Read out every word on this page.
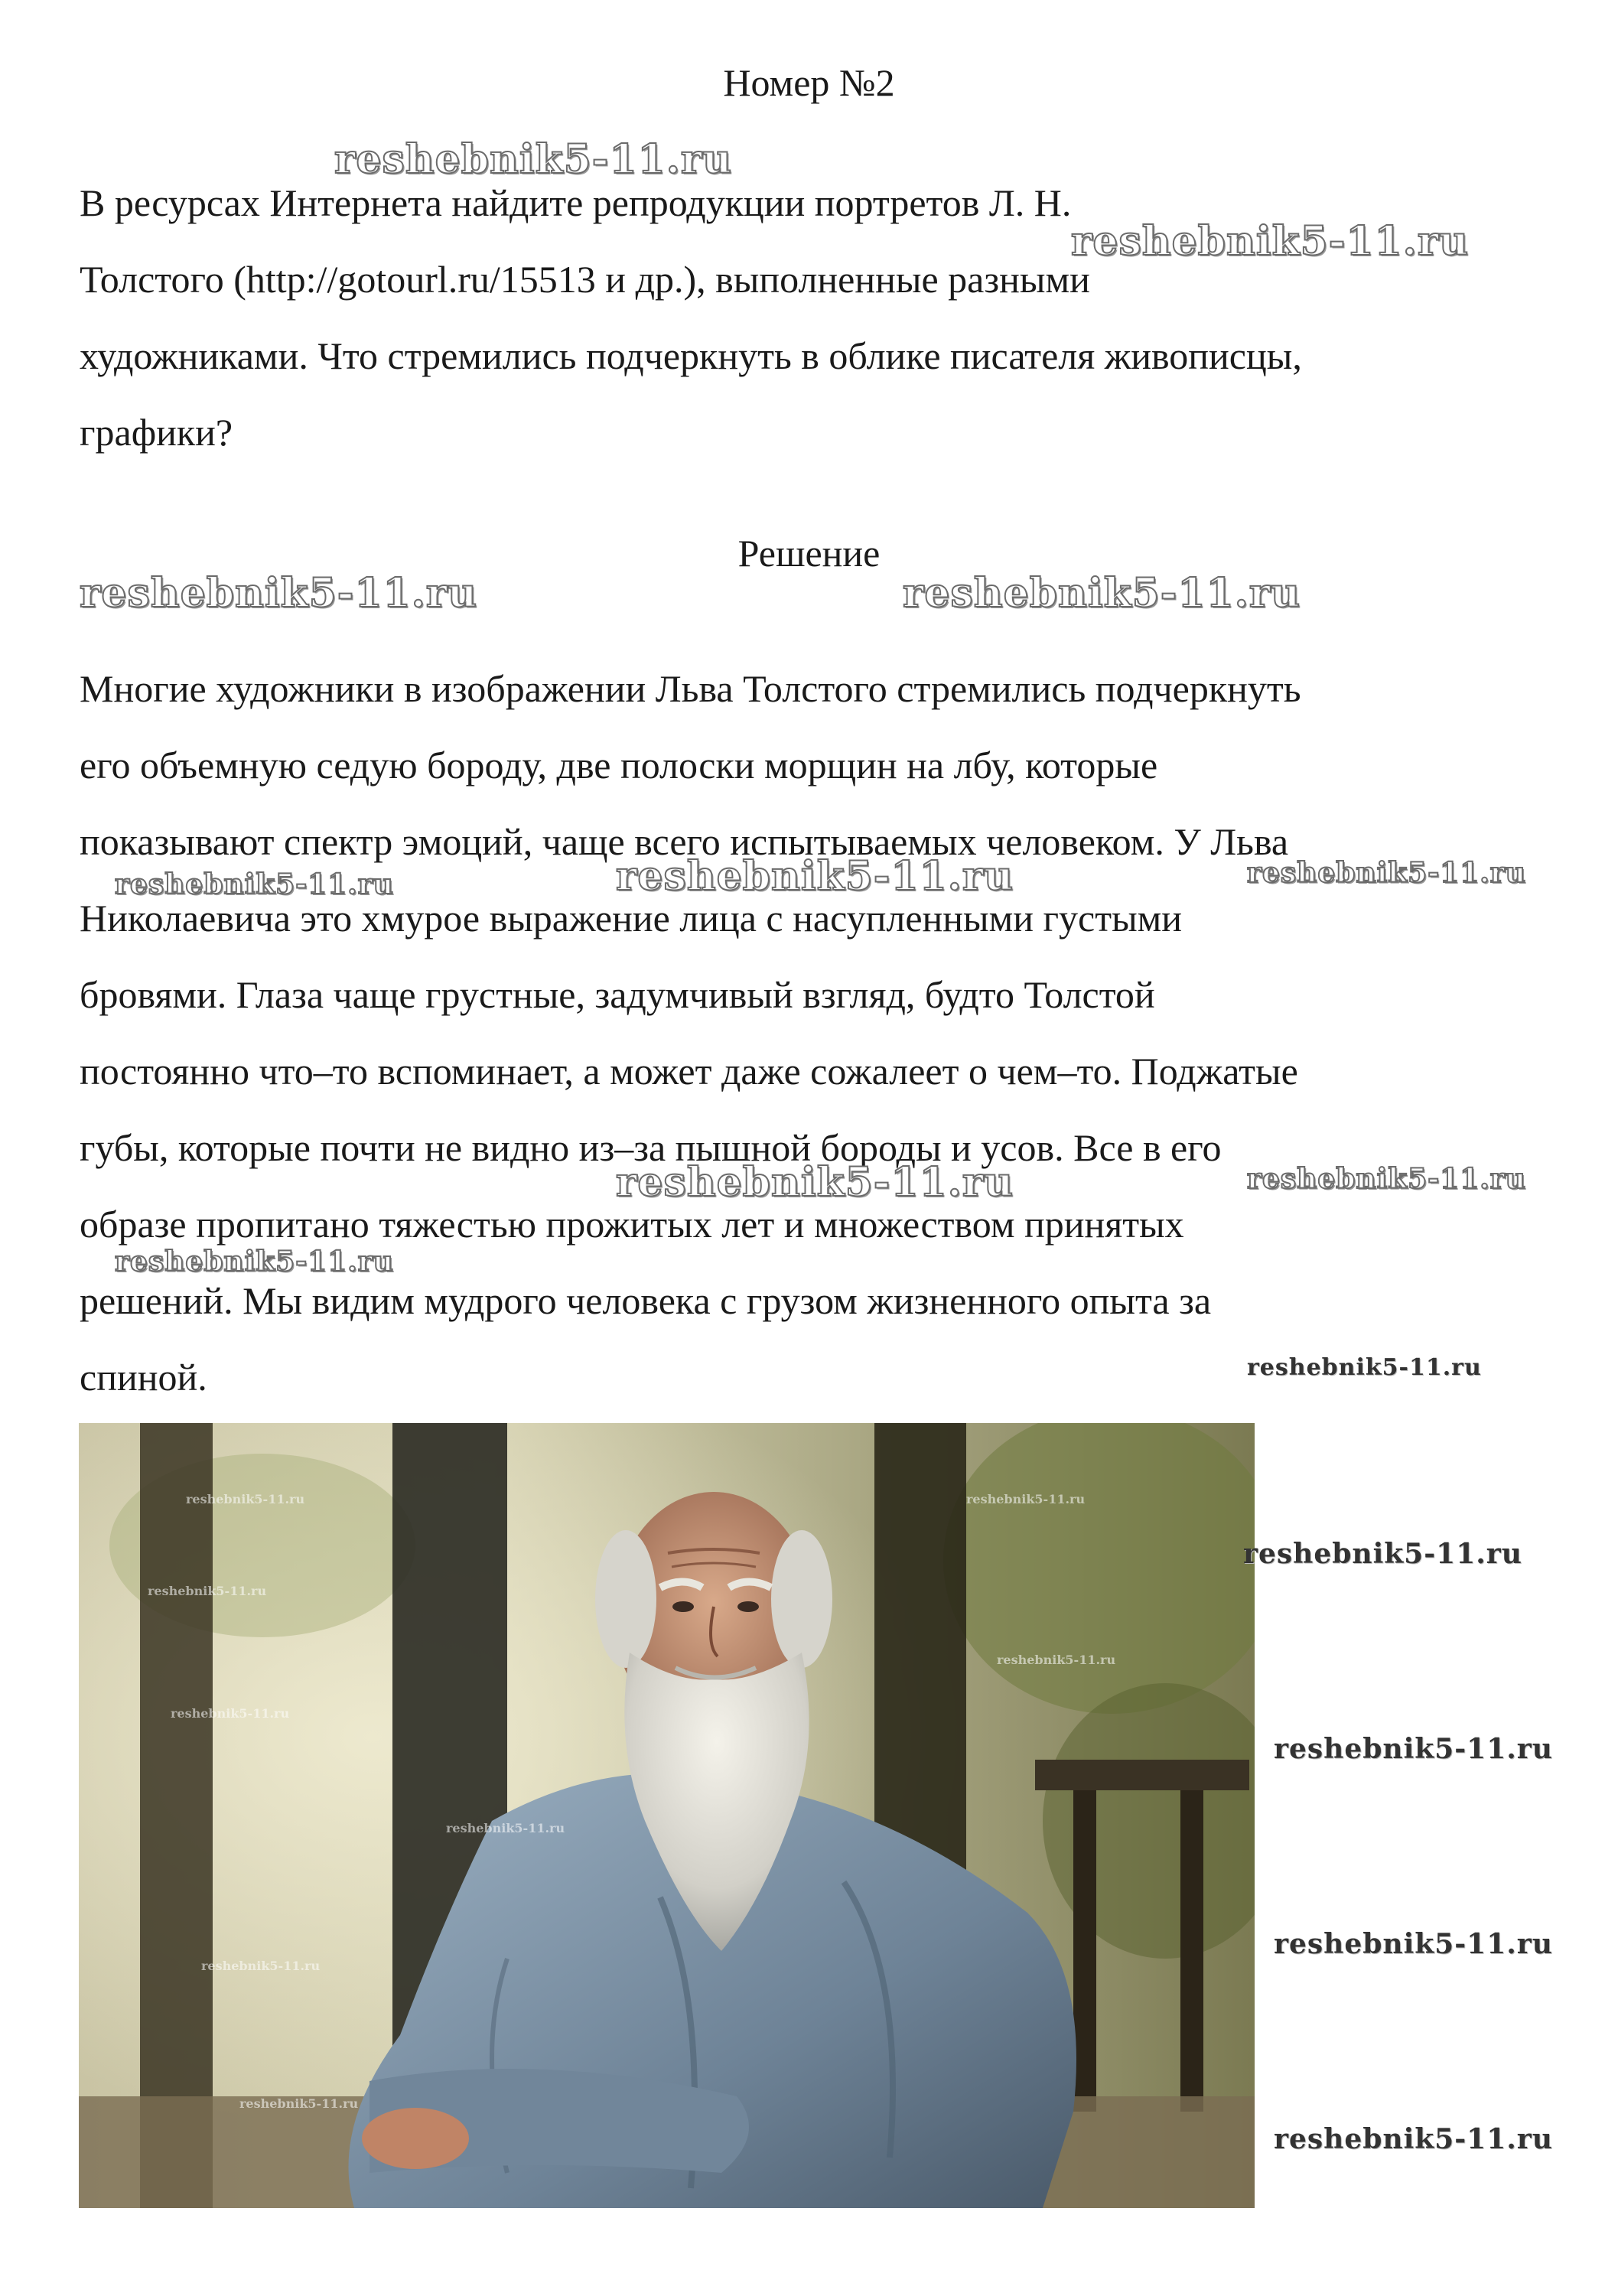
Номер №2
В ресурсах Интернета найдите репродукции портретов Л. Н.
Толстого (http://gotourl.ru/15513 и др.), выполненные разными
художниками. Что стремились подчеркнуть в облике писателя живописцы,
графики?
Решение
Многие художники в изображении Льва Толстого стремились подчеркнуть
его объемную седую бороду, две полоски морщин на лбу, которые
показывают спектр эмоций, чаще всего испытываемых человеком. У Льва
Николаевича это хмурое выражение лица с насупленными густыми
бровями. Глаза чаще грустные, задумчивый взгляд, будто Толстой
постоянно что–то вспоминает, а может даже сожалеет о чем–то. Поджатые
губы, которые почти не видно из–за пышной бороды и усов. Все в его
образе пропитано тяжестью прожитых лет и множеством принятых
решений. Мы видим мудрого человека с грузом жизненного опыта за
спиной.
reshebnik5-11.ru
reshebnik5-11.ru
reshebnik5-11.ru
reshebnik5-11.ru
reshebnik5-11.ru
reshebnik5-11.ru
reshebnik5-11.ru
reshebnik5-11.ru
reshebnik5-11.ru
reshebnik5-11.ru
reshebnik5-11.ru	reshebnik5-11.ru
reshebnik5-11.ru	reshebnik5-11.ru	reshebnik5-11.ru
reshebnik5-11.ru	reshebnik5-11.ru
reshebnik5-11.ru
reshebnik5-11.ru
reshebnik5-11.ru
reshebnik5-11.ru
reshebnik5-11.ru
reshebnik5-11.ru
